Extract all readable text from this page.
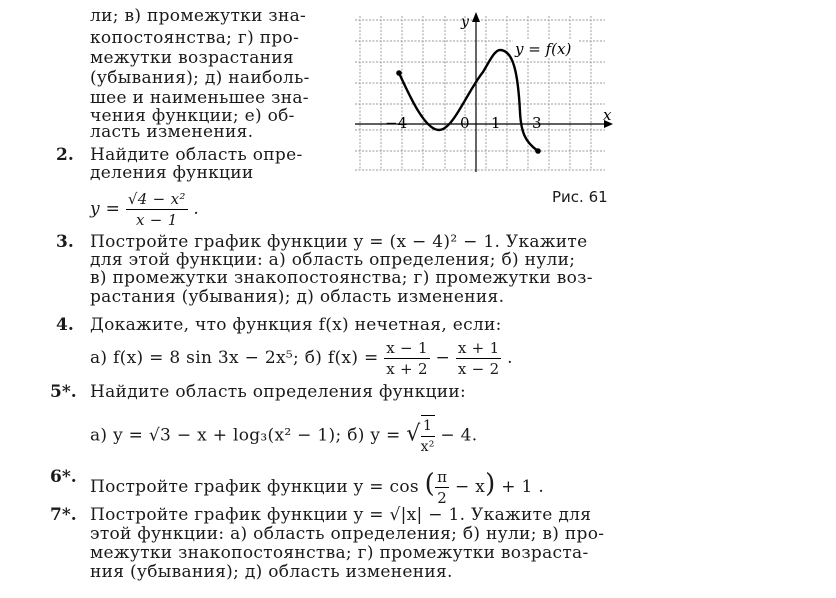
ли; в) промежутки зна-
копостоянства; г) про-
межутки возрастания
(убывания); д) наиболь-
шее и наименьшее зна-
чения функции; е) об-
ласть изменения.
y
x
y = f(x)
−4	0 1 3
Рис. 61
2. Найдите область опре-
деления функции
$y = \frac{\text{√4 − x²}}{x - 1}$ .
3. Постройте график функции y = (x − 4)² − 1. Укажите
для этой функции: а) область определения; б) нули;
в) промежутки знакопостоянства; г) промежутки воз-
растания (убывания); д) область изменения.
4. Докажите, что функция f(x) нечетная, если:
а) f(x) = 8 sin 3x − 2x⁵; б) $f(x) = \frac{x - 1}{x + 2} - \frac{x + 1}{x - 2}$ .
5*. Найдите область определения функции:
а) y = √3 − x + log₃(x² − 1); б) y = √ $\frac{1}{\text{x²}} - 4$.
6*. Постройте график функции y = cos ( $\frac{\pi}{2} - x) + 1$ .
7*. Постройте график функции y = √|x| − 1. Укажите для
этой функции: а) область определения; б) нули; в) про-
межутки знакопостоянства; г) промежутки возраста-
ния (убывания); д) область изменения.
